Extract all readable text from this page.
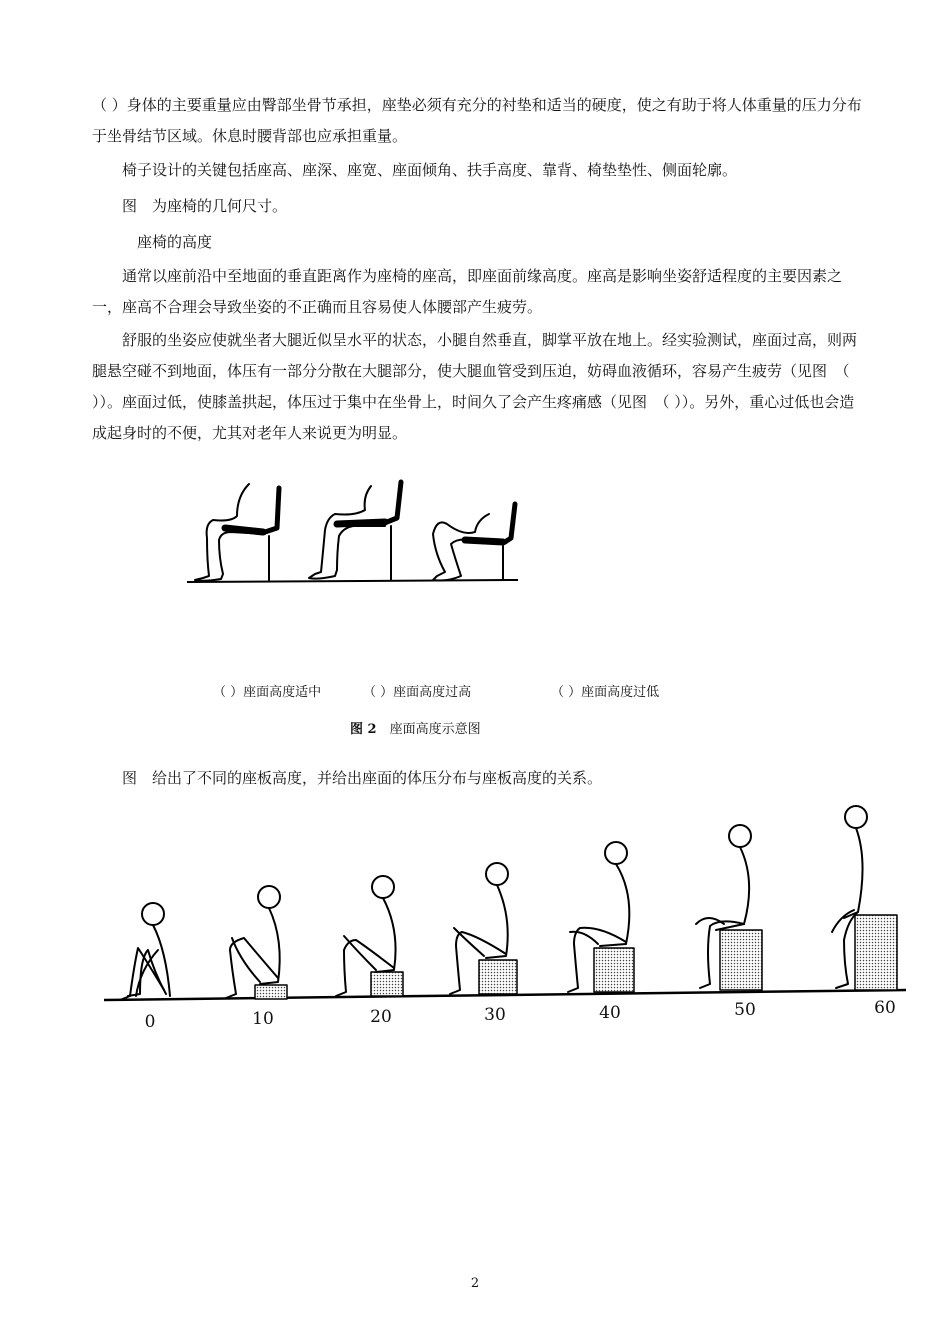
（ ）身体的主要重量应由臀部坐骨节承担，座垫必须有充分的衬垫和适当的硬度，使之有助于将人体重量的压力分布于坐骨结节区域。休息时腰背部也应承担重量。

椅子设计的关键包括座高、座深、座宽、座面倾角、扶手高度、靠背、椅垫垫性、侧面轮廓。

图　为座椅的几何尺寸。

座椅的高度

通常以座前沿中至地面的垂直距离作为座椅的座高，即座面前缘高度。座高是影响坐姿舒适程度的主要因素之一，座高不合理会导致坐姿的不正确而且容易使人体腰部产生疲劳。

舒服的坐姿应使就坐者大腿近似呈水平的状态，小腿自然垂直，脚掌平放在地上。经实验测试，座面过高，则两腿悬空碰不到地面，体压有一部分分散在大腿部分，使大腿血管受到压迫，妨碍血液循环，容易产生疲劳（见图　（ ））。座面过低，使膝盖拱起，体压过于集中在坐骨上，时间久了会产生疼痛感（见图　（ ））。另外，重心过低也会造成起身时的不便，尤其对老年人来说更为明显。

（ ）座面高度适中	（ ）座面高度过高	（ ）座面高度过低

图 2　座面高度示意图

图　给出了不同的座板高度，并给出座面的体压分布与座板高度的关系。

0	10	20	30	40	50	60
2
